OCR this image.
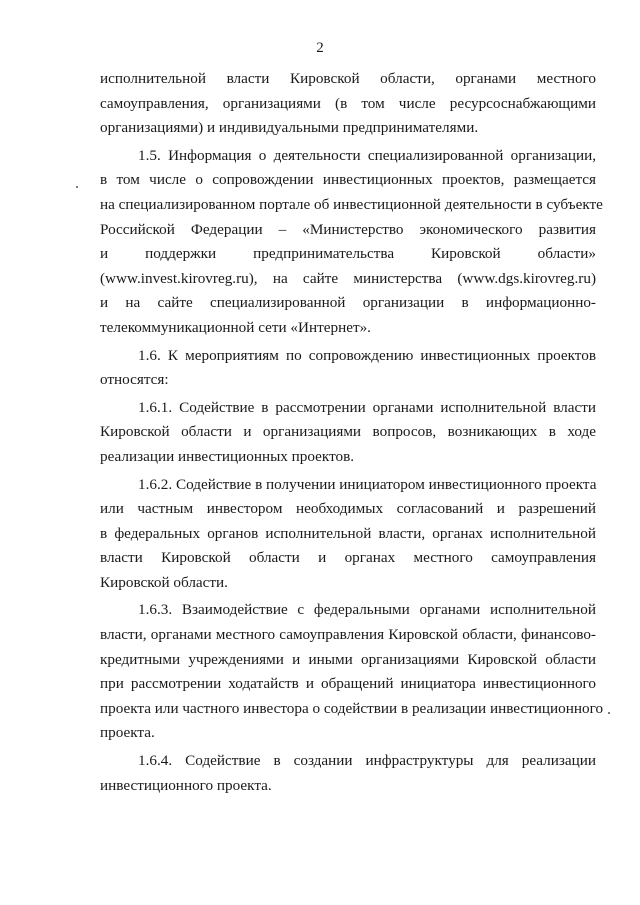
2
исполнительной власти Кировской области, органами местного
самоуправления, организациями (в том числе ресурсоснабжающими
организациями) и индивидуальными предпринимателями.
1.5. Информация о деятельности специализированной организации,
в том числе о сопровождении инвестиционных проектов, размещается
на специализированном портале об инвестиционной деятельности в субъекте
Российской Федерации – «Министерство экономического развития
и поддержки предпринимательства Кировской области»
(www.invest.kirovreg.ru), на сайте министерства (www.dgs.kirovreg.ru)
и на сайте специализированной организации в информационно-
телекоммуникационной сети «Интернет».
1.6. К мероприятиям по сопровождению инвестиционных проектов
относятся:
1.6.1. Содействие в рассмотрении органами исполнительной власти
Кировской области и организациями вопросов, возникающих в ходе
реализации инвестиционных проектов.
1.6.2. Содействие в получении инициатором инвестиционного проекта
или частным инвестором необходимых согласований и разрешений
в федеральных органов исполнительной власти, органах исполнительной
власти Кировской области и органах местного самоуправления
Кировской области.
1.6.3. Взаимодействие с федеральными органами исполнительной
власти, органами местного самоуправления Кировской области, финансово-
кредитными учреждениями и иными организациями Кировской области
при рассмотрении ходатайств и обращений инициатора инвестиционного
проекта или частного инвестора о содействии в реализации инвестиционного
проекта.
1.6.4. Содействие в создании инфраструктуры для реализации
инвестиционного проекта.
